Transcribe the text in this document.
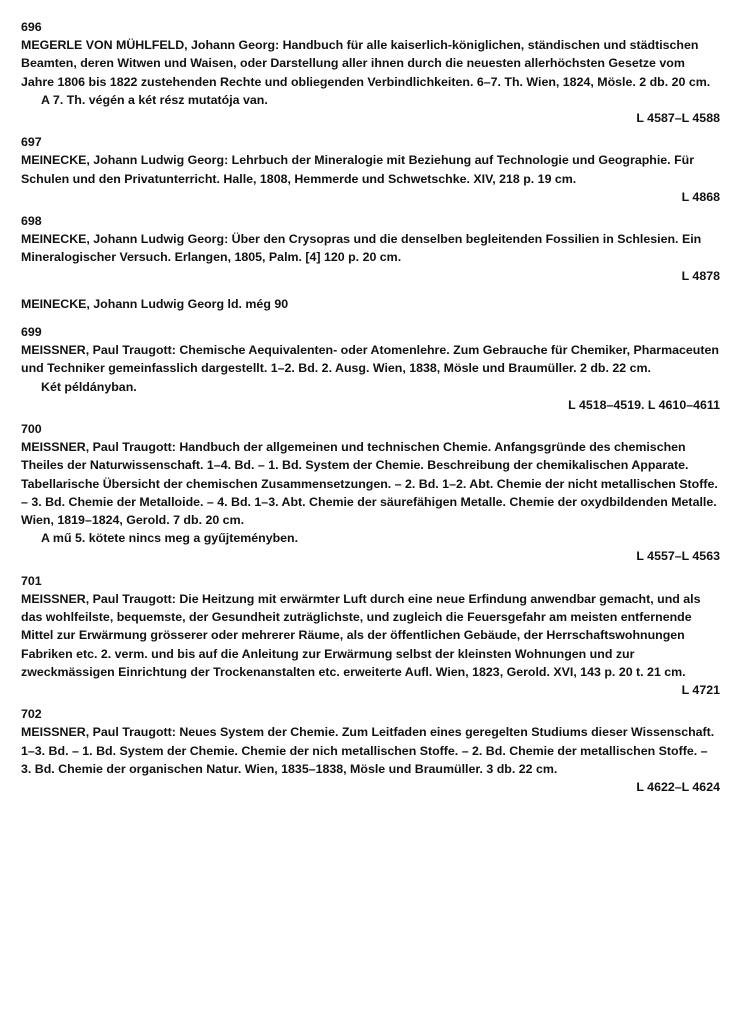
696
MEGERLE VON MÜHLFELD, Johann Georg: Handbuch für alle kaiserlich-königlichen, ständischen und städtischen Beamten, deren Witwen und Waisen, oder Darstellung aller ihnen durch die neuesten allerhöchsten Gesetze vom Jahre 1806 bis 1822 zustehenden Rechte und obliegenden Verbindlichkeiten. 6–7. Th. Wien, 1824, Mösle. 2 db. 20 cm.
A 7. Th. végén a két rész mutatója van.
L 4587–L 4588
697
MEINECKE, Johann Ludwig Georg: Lehrbuch der Mineralogie mit Beziehung auf Technologie und Geographie. Für Schulen und den Privatunterricht. Halle, 1808, Hemmerde und Schwetschke. XIV, 218 p. 19 cm.
L 4868
698
MEINECKE, Johann Ludwig Georg: Über den Crysopras und die denselben begleitenden Fossilien in Schlesien. Ein Mineralogischer Versuch. Erlangen, 1805, Palm. [4] 120 p. 20 cm.
L 4878
MEINECKE, Johann Ludwig Georg ld. még 90
699
MEISSNER, Paul Traugott: Chemische Aequivalenten- oder Atomenlehre. Zum Gebrauche für Chemiker, Pharmaceuten und Techniker gemeinfasslich dargestellt. 1–2. Bd. 2. Ausg. Wien, 1838, Mösle und Braumüller. 2 db. 22 cm.
Két példányban.
L 4518–4519. L 4610–4611
700
MEISSNER, Paul Traugott: Handbuch der allgemeinen und technischen Chemie. Anfangsgründe des chemischen Theiles der Naturwissenschaft. 1–4. Bd. – 1. Bd. System der Chemie. Beschreibung der chemikalischen Apparate. Tabellarische Übersicht der chemischen Zusammensetzungen. – 2. Bd. 1–2. Abt. Chemie der nicht metallischen Stoffe. – 3. Bd. Chemie der Metalloide. – 4. Bd. 1–3. Abt. Chemie der säurefähigen Metalle. Chemie der oxydbildenden Metalle. Wien, 1819–1824, Gerold. 7 db. 20 cm.
A mű 5. kötete nincs meg a gyűjteményben.
L 4557–L 4563
701
MEISSNER, Paul Traugott: Die Heitzung mit erwärmter Luft durch eine neue Erfindung anwendbar gemacht, und als das wohlfeilste, bequemste, der Gesundheit zuträglichste, und zugleich die Feuersgefahr am meisten entfernende Mittel zur Erwärmung grösserer oder mehrerer Räume, als der öffentlichen Gebäude, der Herrschaftswohnungen Fabriken etc. 2. verm. und bis auf die Anleitung zur Erwärmung selbst der kleinsten Wohnungen und zur zweckmässigen Einrichtung der Trockenanstalten etc. erweiterte Aufl. Wien, 1823, Gerold. XVI, 143 p. 20 t. 21 cm.
L 4721
702
MEISSNER, Paul Traugott: Neues System der Chemie. Zum Leitfaden eines geregelten Studiums dieser Wissenschaft. 1–3. Bd. – 1. Bd. System der Chemie. Chemie der nich metallischen Stoffe. – 2. Bd. Chemie der metallischen Stoffe. – 3. Bd. Chemie der organischen Natur. Wien, 1835–1838, Mösle und Braumüller. 3 db. 22 cm.
L 4622–L 4624
